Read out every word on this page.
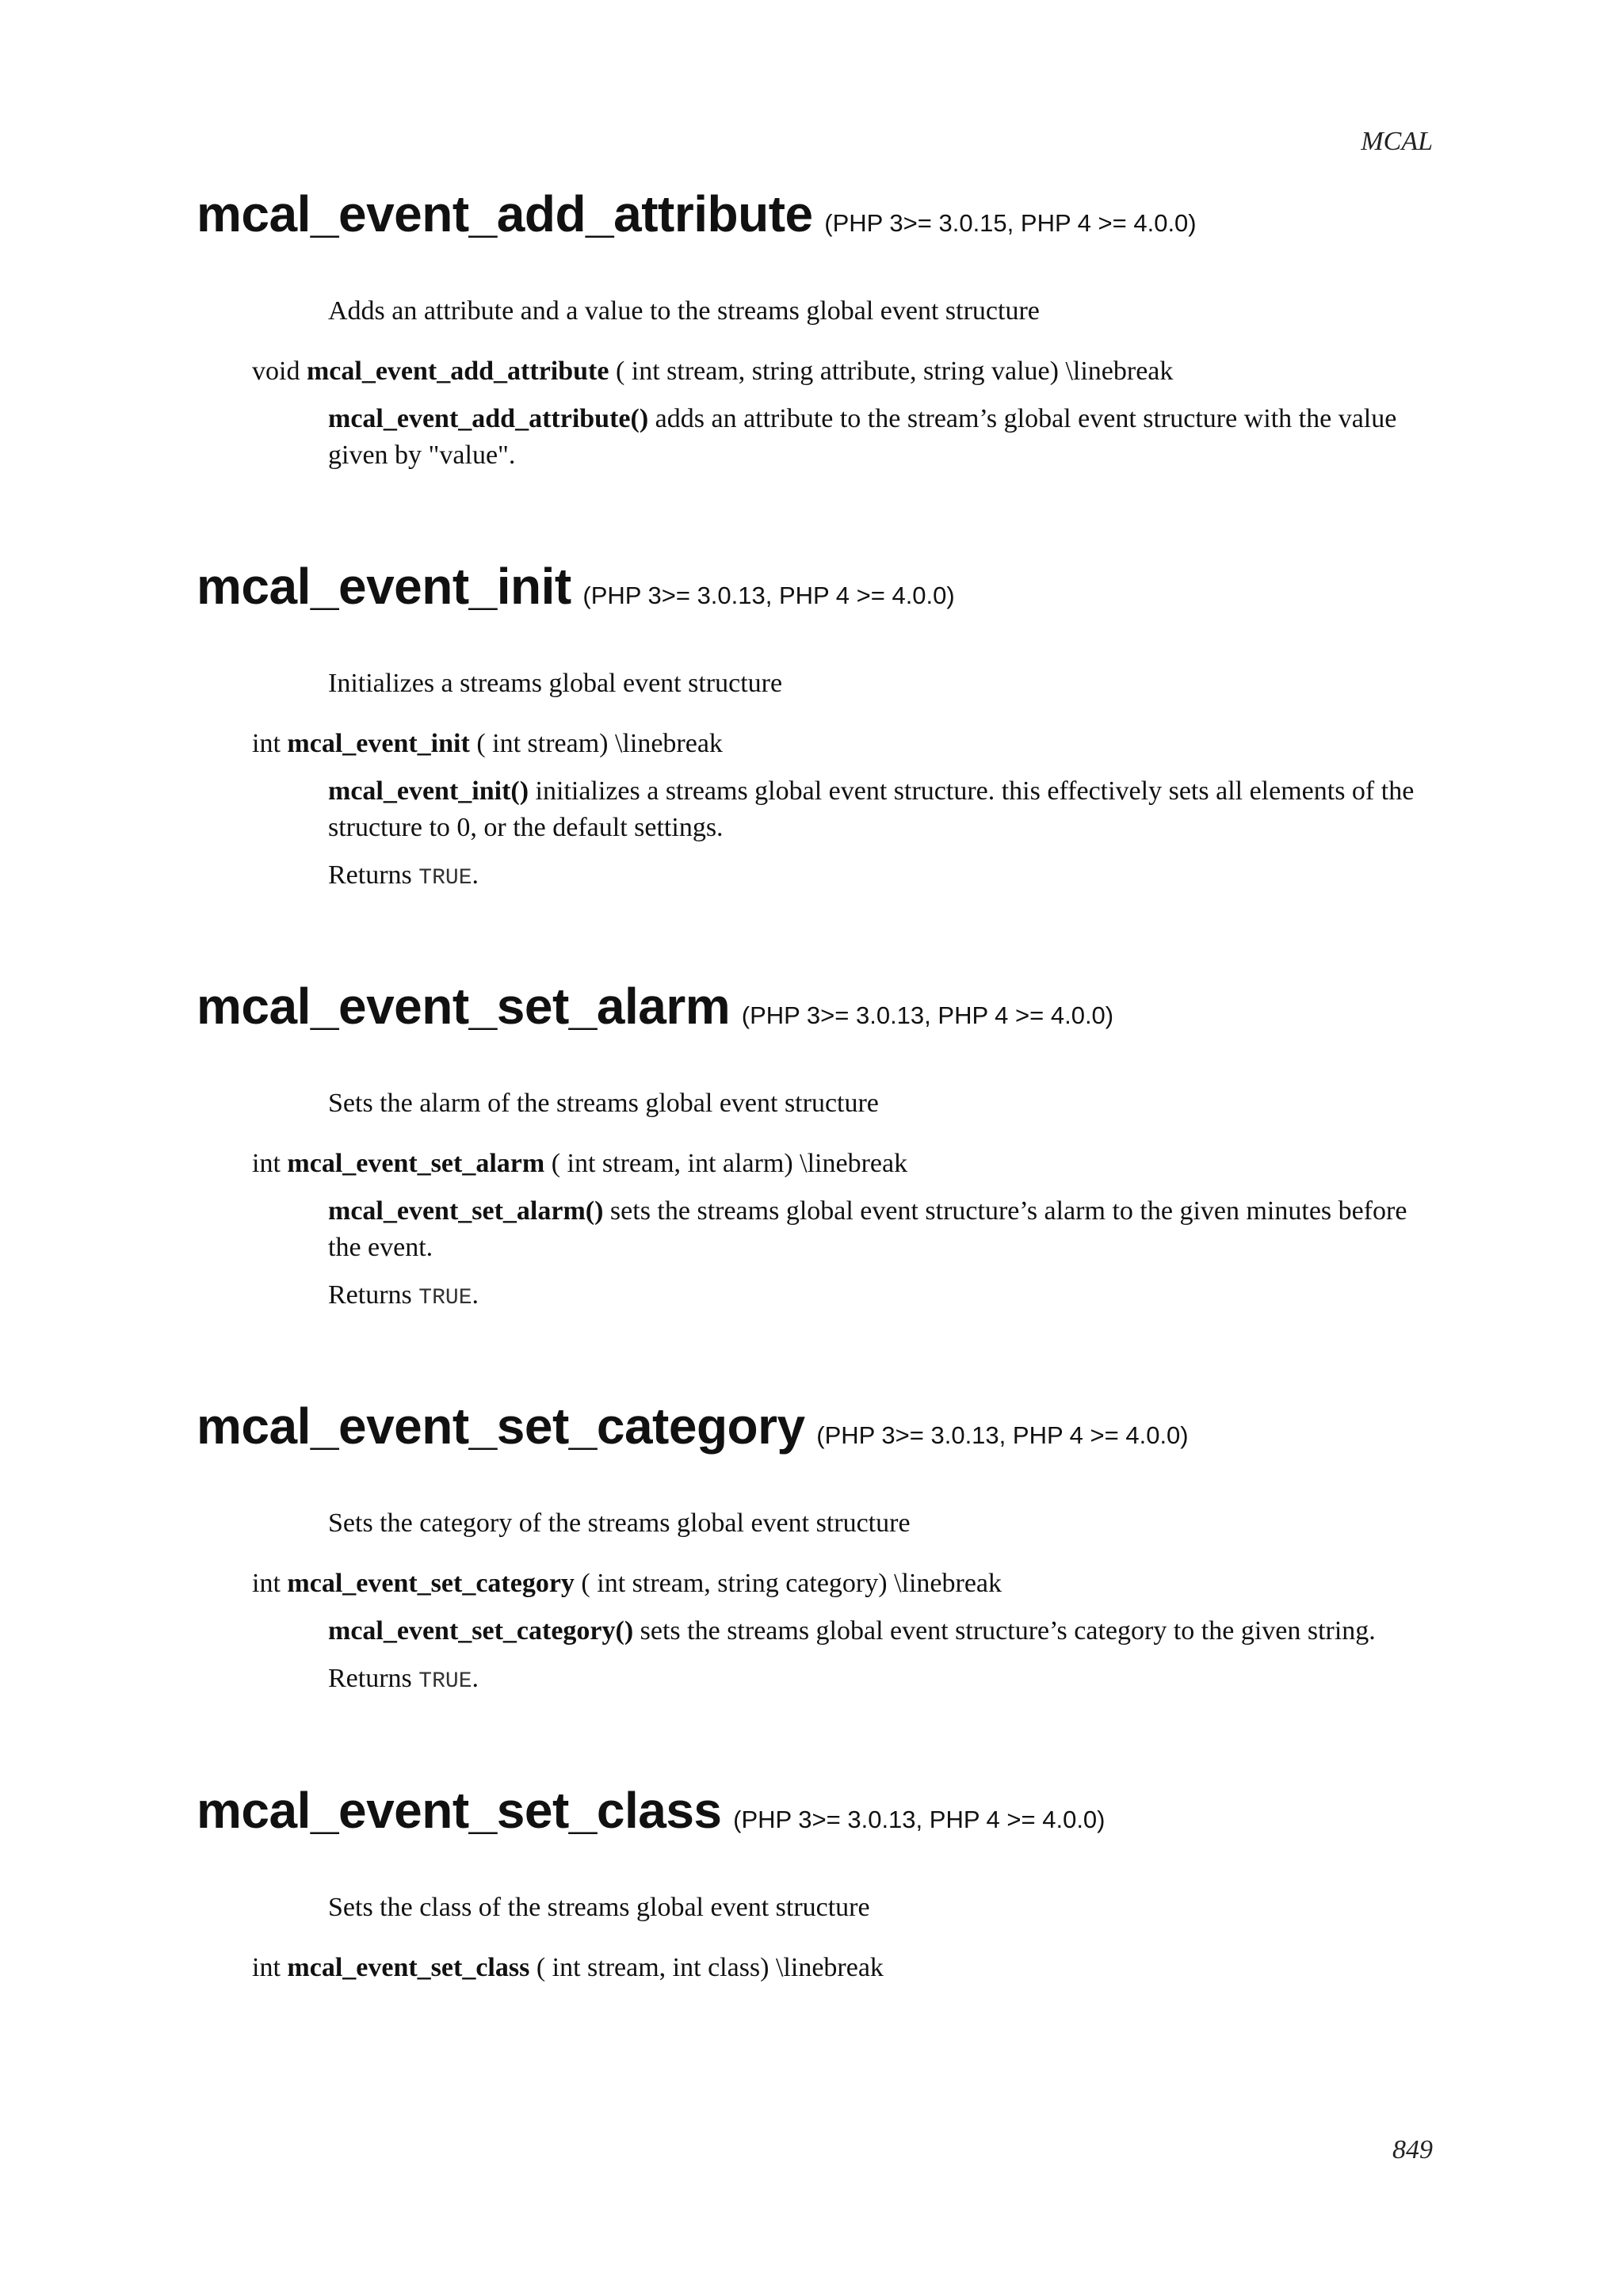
MCAL
mcal_event_add_attribute (PHP 3>= 3.0.15, PHP 4 >= 4.0.0)

Adds an attribute and a value to the streams global event structure

void mcal_event_add_attribute ( int stream, string attribute, string value) \linebreak

mcal_event_add_attribute() adds an attribute to the stream’s global event structure with the value given by "value".

mcal_event_init (PHP 3>= 3.0.13, PHP 4 >= 4.0.0)

Initializes a streams global event structure

int mcal_event_init ( int stream) \linebreak

mcal_event_init() initializes a streams global event structure. this effectively sets all elements of the structure to 0, or the default settings.

Returns TRUE.

mcal_event_set_alarm (PHP 3>= 3.0.13, PHP 4 >= 4.0.0)

Sets the alarm of the streams global event structure

int mcal_event_set_alarm ( int stream, int alarm) \linebreak

mcal_event_set_alarm() sets the streams global event structure’s alarm to the given minutes before the event.

Returns TRUE.

mcal_event_set_category (PHP 3>= 3.0.13, PHP 4 >= 4.0.0)

Sets the category of the streams global event structure

int mcal_event_set_category ( int stream, string category) \linebreak

mcal_event_set_category() sets the streams global event structure’s category to the given string.

Returns TRUE.

mcal_event_set_class (PHP 3>= 3.0.13, PHP 4 >= 4.0.0)

Sets the class of the streams global event structure

int mcal_event_set_class ( int stream, int class) \linebreak

849
